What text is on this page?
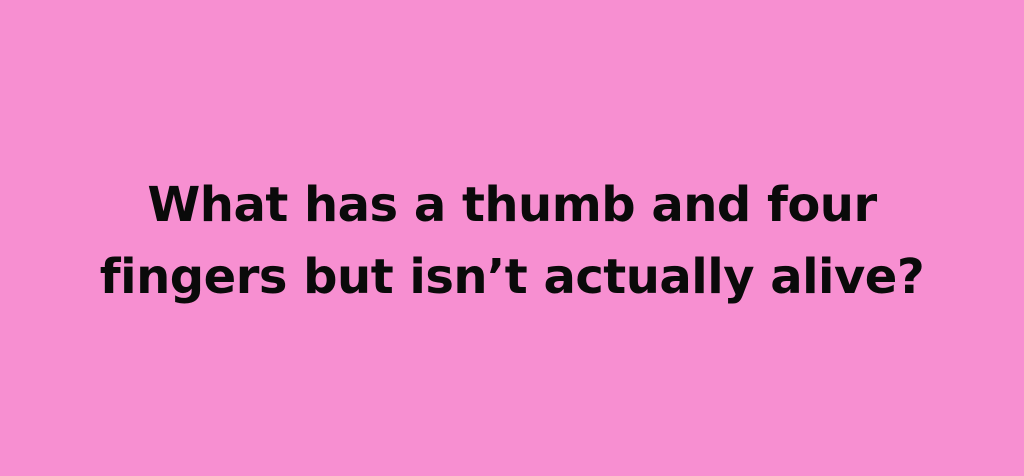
What has a thumb and four
fingers but isn’t actually alive?
